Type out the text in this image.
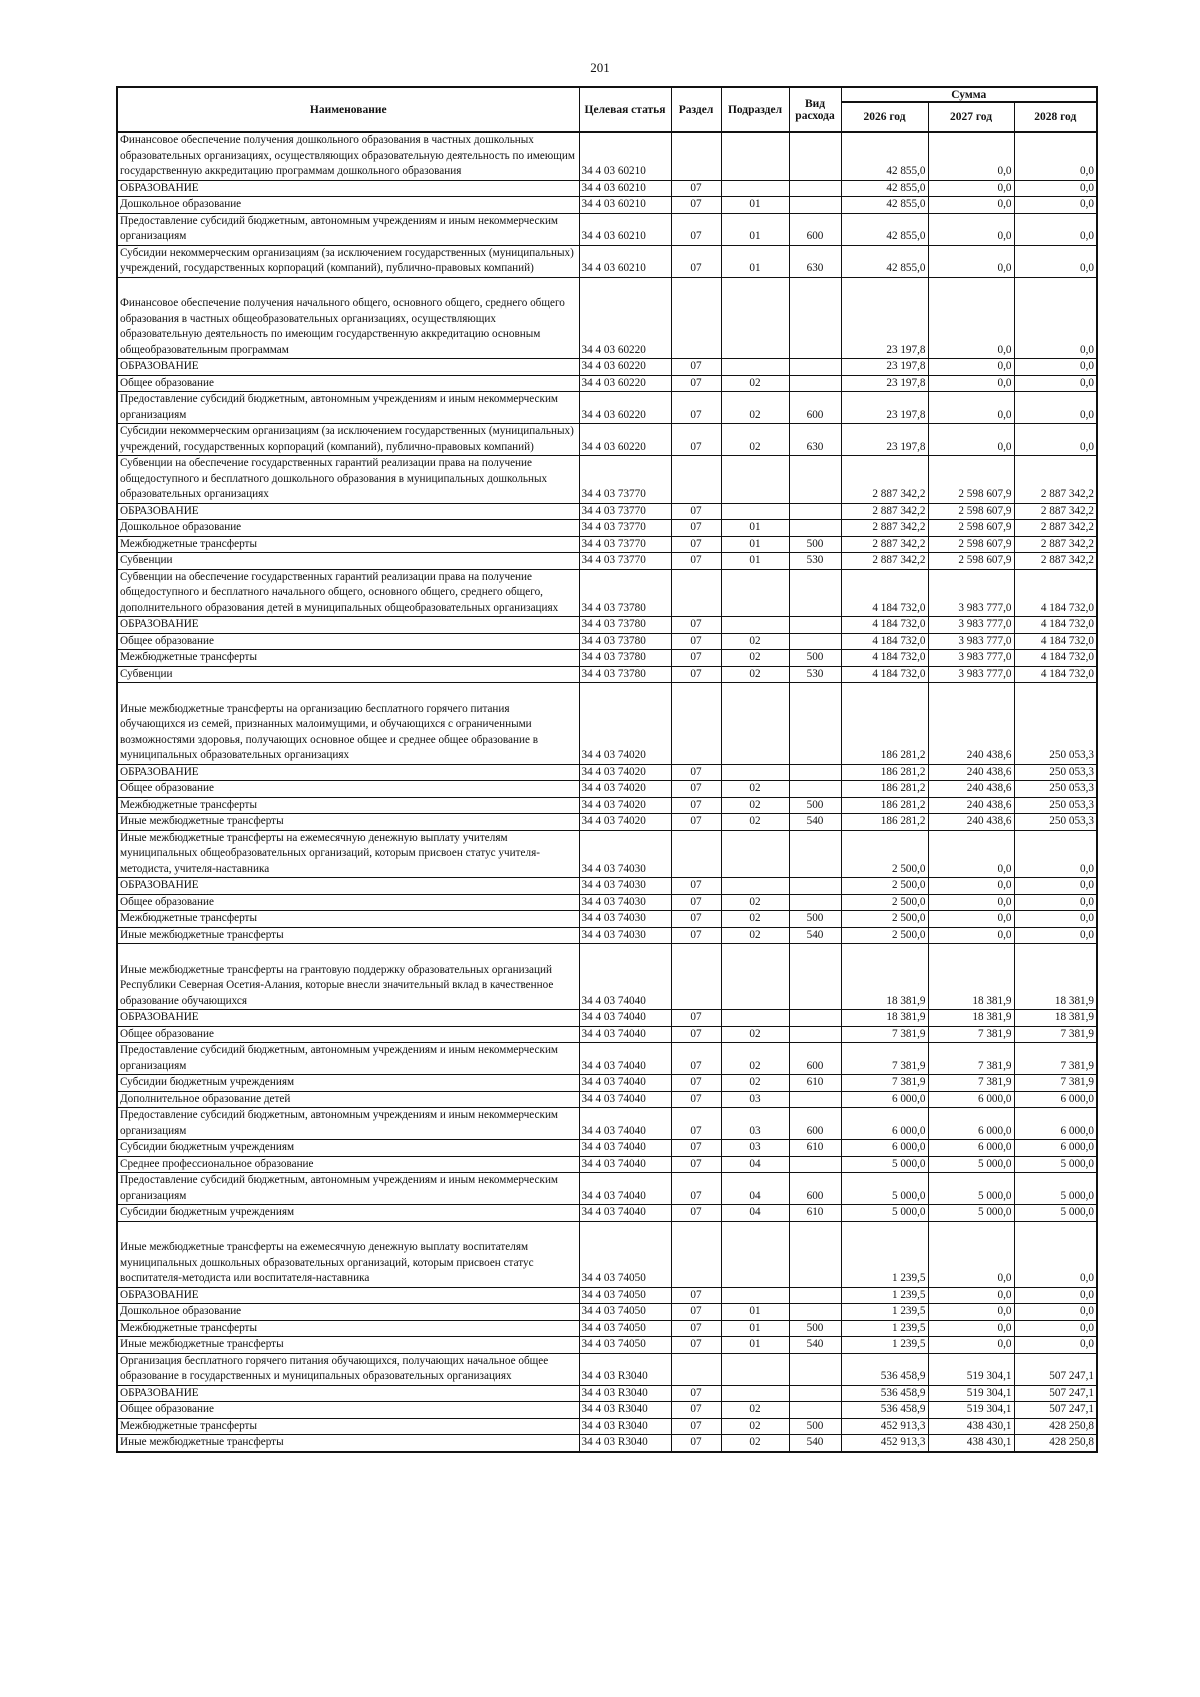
201
Наименование	Целевая статья	Раздел	Подраздел	Вид расхода	Сумма		
					2026 год	2027 год	2028 год
Финансовое обеспечение получения дошкольного образования в частных дошкольных образовательных организациях, осуществляющих образовательную деятельность по имеющим государственную аккредитацию программам дошкольного образования	34 4 03 60210				42 855,0	0,0	0,0
ОБРАЗОВАНИЕ	34 4 03 60210	07			42 855,0	0,0	0,0
Дошкольное образование	34 4 03 60210	07	01		42 855,0	0,0	0,0
Предоставление субсидий бюджетным, автономным учреждениям и иным некоммерческим организациям	34 4 03 60210	07	01	600	42 855,0	0,0	0,0
Субсидии некоммерческим организациям (за исключением государственных (муниципальных) учреждений, государственных корпораций (компаний), публично-правовых компаний)	34 4 03 60210	07	01	630	42 855,0	0,0	0,0

Финансовое обеспечение получения начального общего, основного общего, среднего общего образования в частных общеобразовательных организациях, осуществляющих образовательную деятельность по имеющим государственную аккредитацию основным общеобразовательным программам	34 4 03 60220				23 197,8	0,0	0,0
ОБРАЗОВАНИЕ	34 4 03 60220	07			23 197,8	0,0	0,0
Общее образование	34 4 03 60220	07	02		23 197,8	0,0	0,0
Предоставление субсидий бюджетным, автономным учреждениям и иным некоммерческим организациям	34 4 03 60220	07	02	600	23 197,8	0,0	0,0
Субсидии некоммерческим организациям (за исключением государственных (муниципальных) учреждений, государственных корпораций (компаний), публично-правовых компаний)	34 4 03 60220	07	02	630	23 197,8	0,0	0,0
Субвенции на обеспечение государственных гарантий реализации права на получение общедоступного и бесплатного дошкольного образования в муниципальных дошкольных образовательных организациях	34 4 03 73770				2 887 342,2	2 598 607,9	2 887 342,2
ОБРАЗОВАНИЕ	34 4 03 73770	07			2 887 342,2	2 598 607,9	2 887 342,2
Дошкольное образование	34 4 03 73770	07	01		2 887 342,2	2 598 607,9	2 887 342,2
Межбюджетные трансферты	34 4 03 73770	07	01	500	2 887 342,2	2 598 607,9	2 887 342,2
Субвенции	34 4 03 73770	07	01	530	2 887 342,2	2 598 607,9	2 887 342,2
Субвенции на обеспечение государственных гарантий реализации права на получение общедоступного и бесплатного начального общего, основного общего, среднего общего, дополнительного образования детей в муниципальных общеобразовательных организациях	34 4 03 73780				4 184 732,0	3 983 777,0	4 184 732,0
ОБРАЗОВАНИЕ	34 4 03 73780	07			4 184 732,0	3 983 777,0	4 184 732,0
Общее образование	34 4 03 73780	07	02		4 184 732,0	3 983 777,0	4 184 732,0
Межбюджетные трансферты	34 4 03 73780	07	02	500	4 184 732,0	3 983 777,0	4 184 732,0
Субвенции	34 4 03 73780	07	02	530	4 184 732,0	3 983 777,0	4 184 732,0

Иные межбюджетные трансферты на организацию бесплатного горячего питания обучающихся из семей, признанных малоимущими, и обучающихся с ограниченными возможностями здоровья, получающих основное общее и среднее общее образование в муниципальных образовательных организациях	34 4 03 74020				186 281,2	240 438,6	250 053,3
ОБРАЗОВАНИЕ	34 4 03 74020	07			186 281,2	240 438,6	250 053,3
Общее образование	34 4 03 74020	07	02		186 281,2	240 438,6	250 053,3
Межбюджетные трансферты	34 4 03 74020	07	02	500	186 281,2	240 438,6	250 053,3
Иные межбюджетные трансферты	34 4 03 74020	07	02	540	186 281,2	240 438,6	250 053,3
Иные межбюджетные трансферты на ежемесячную денежную выплату учителям муниципальных общеобразовательных организаций, которым присвоен статус учителя-методиста, учителя-наставника	34 4 03 74030				2 500,0	0,0	0,0
ОБРАЗОВАНИЕ	34 4 03 74030	07			2 500,0	0,0	0,0
Общее образование	34 4 03 74030	07	02		2 500,0	0,0	0,0
Межбюджетные трансферты	34 4 03 74030	07	02	500	2 500,0	0,0	0,0
Иные межбюджетные трансферты	34 4 03 74030	07	02	540	2 500,0	0,0	0,0

Иные межбюджетные трансферты на грантовую поддержку образовательных организаций Республики Северная Осетия-Алания, которые внесли значительный вклад в качественное образование обучающихся	34 4 03 74040				18 381,9	18 381,9	18 381,9
ОБРАЗОВАНИЕ	34 4 03 74040	07			18 381,9	18 381,9	18 381,9
Общее образование	34 4 03 74040	07	02		7 381,9	7 381,9	7 381,9
Предоставление субсидий бюджетным, автономным учреждениям и иным некоммерческим организациям	34 4 03 74040	07	02	600	7 381,9	7 381,9	7 381,9
Субсидии бюджетным учреждениям	34 4 03 74040	07	02	610	7 381,9	7 381,9	7 381,9
Дополнительное образование детей	34 4 03 74040	07	03		6 000,0	6 000,0	6 000,0
Предоставление субсидий бюджетным, автономным учреждениям и иным некоммерческим организациям	34 4 03 74040	07	03	600	6 000,0	6 000,0	6 000,0
Субсидии бюджетным учреждениям	34 4 03 74040	07	03	610	6 000,0	6 000,0	6 000,0
Среднее профессиональное образование	34 4 03 74040	07	04		5 000,0	5 000,0	5 000,0
Предоставление субсидий бюджетным, автономным учреждениям и иным некоммерческим организациям	34 4 03 74040	07	04	600	5 000,0	5 000,0	5 000,0
Субсидии бюджетным учреждениям	34 4 03 74040	07	04	610	5 000,0	5 000,0	5 000,0

Иные межбюджетные трансферты на ежемесячную денежную выплату воспитателям муниципальных дошкольных образовательных организаций, которым присвоен статус воспитателя-методиста или воспитателя-наставника	34 4 03 74050				1 239,5	0,0	0,0
ОБРАЗОВАНИЕ	34 4 03 74050	07			1 239,5	0,0	0,0
Дошкольное образование	34 4 03 74050	07	01		1 239,5	0,0	0,0
Межбюджетные трансферты	34 4 03 74050	07	01	500	1 239,5	0,0	0,0
Иные межбюджетные трансферты	34 4 03 74050	07	01	540	1 239,5	0,0	0,0
Организация бесплатного горячего питания обучающихся, получающих начальное общее образование в государственных и муниципальных образовательных организациях	34 4 03 R3040				536 458,9	519 304,1	507 247,1
ОБРАЗОВАНИЕ	34 4 03 R3040	07			536 458,9	519 304,1	507 247,1
Общее образование	34 4 03 R3040	07	02		536 458,9	519 304,1	507 247,1
Межбюджетные трансферты	34 4 03 R3040	07	02	500	452 913,3	438 430,1	428 250,8
Иные межбюджетные трансферты	34 4 03 R3040	07	02	540	452 913,3	438 430,1	428 250,8
